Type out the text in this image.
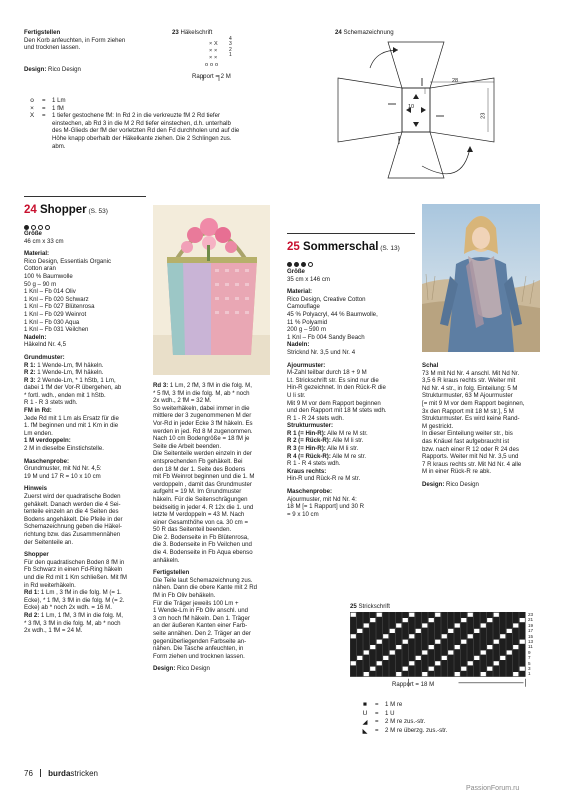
Fertigstellen
Den Korb anfeuchten, in Form ziehen
und trocknen lassen.
Design: Rico Design
o	=	1 Lm
×	=	1 fM
X	=	1 tiefer gestochene fM: In Rd 2 in die verkreuzte fM 2 Rd tiefer
einstechen, ab Rd 3 in die M 2 Rd tiefer einstechen, d.h. unterhalb
des M-Glieds der fM der vorletzten Rd den Fd durchholen und auf die
Höhe knapp oberhalb der Häkelkante ziehen. Die 2 Schlingen zus.
abm.
23 Häkelschrift
× X
× ×
× ×
o o o
4
3
2
1
Rapport = 2 M
24 Schemazeichnung
28
10
23
24 Shopper (S. 53)
Größe
46 cm x 33 cm
Material:
Rico Design, Essentials Organic
Cotton aran
100 % Baumwolle
50 g – 90 m
1 Knl – Fb 014 Oliv
1 Knl – Fb 020 Schwarz
1 Knl – Fb 027 Blütenrosa
1 Knl – Fb 029 Weinrot
1 Knl – Fb 030 Aqua
1 Knl – Fb 031 Veilchen
Nadeln:
Häkelnd Nr. 4,5
Grundmuster:
R 1: 1 Wende-Lm, fM häkeln.
R 2: 1 Wende-Lm, fM häkeln.
R 3: 2 Wende-Lm, * 1 hStb, 1 Lm,
dabei 1 fM der Vor-R übergehen, ab
* fortl. wdh., enden mit 1 hStb.
R 1 - R 3 stets wdh.
FM in Rd:
Jede Rd mit 1 Lm als Ersatz für die
1. fM beginnen und mit 1 Km in die
Lm enden.
1 M verdoppeln:
2 M in dieselbe Einstichstelle.
Maschenprobe:
Grundmuster, mit Nd Nr. 4,5:
19 M und 17 R = 10 x 10 cm
Hinweis
Zuerst wird der quadratische Boden
gehäkelt. Danach werden die 4 Sei-
tenteile einzeln an die 4 Seiten des
Bodens angehäkelt. Die Pfeile in der
Schemazeichnung geben die Häkel-
richtung bzw. das Zusammennähen
der Seitenteile an.
Shopper
Für den quadratischen Boden 8 fM in
Fb Schwarz in einen Fd-Ring häkeln
und die Rd mit 1 Km schließen. Mit fM
in Rd weiterhäkeln.
Rd 1: 1 Lm , 3 fM in die folg. M (= 1.
Ecke), * 1 fM, 3 fM in die folg. M (= 2.
Ecke) ab * noch 2x wdh. = 16 M.
Rd 2: 1 Lm, 1 fM, 3 fM in die folg. M,
* 3 fM, 3 fM in die folg. M, ab * noch
2x wdh., 1 fM = 24 M.
Rd 3: 1 Lm, 2 fM, 3 fM in die folg. M,
* 5 fM, 3 fM in die folg. M, ab * noch
2x wdh., 2 fM = 32 M.
So weiterhäkeln, dabei immer in die
mittlere der 3 zugenommenen M der
Vor-Rd in jeder Ecke 3 fM häkeln. Es
werden in jed. Rd 8 M zugenommen.
Nach 10 cm Bodengröße = 18 fM je
Seite die Arbeit beenden.
Die Seitenteile werden einzeln in der
entsprechenden Fb gehäkelt. Bei
den 18 M der 1. Seite des Bodens
mit Fb Weinrot beginnen und die 1. M
verdoppeln , damit das Grundmuster
aufgeht = 19 M. Im Grundmuster
häkeln. Für die Seitenschrägungen
beidseitig in jeder 4. R 12x die 1. und
letzte M verdoppeln = 43 M. Nach
einer Gesamthöhe von ca. 30 cm =
50 R das Seitenteil beenden.
Die 2. Bodenseite in Fb Blütenrosa,
die 3. Bodenseite in Fb Veilchen und
die 4. Bodenseite in Fb Aqua ebenso
anhäkeln.
Fertigstellen
Die Teile laut Schemazeichnung zus.
nähen. Dann die obere Kante mit 2 Rd
fM in Fb Oliv behäkeln.
Für die Träger jeweils 100 Lm +
1 Wende-Lm in Fb Oliv anschl. und
3 cm hoch fM häkeln. Den 1. Träger
an der äußeren Kanten einer Farb-
seite annähen. Den 2. Träger an der
gegenüberliegenden Farbseite an-
nähen. Die Tasche anfeuchten, in
Form ziehen und trocknen lassen.
Design: Rico Design
25 Sommerschal (S. 13)
Größe
35 cm x 146 cm
Material:
Rico Design, Creative Cotton
Camouflage
45 % Polyacryl, 44 % Baumwolle,
11 % Polyamid
200 g – 590 m
1 Knl – Fb 004 Sandy Beach
Nadeln:
Stricknd Nr. 3,5 und Nr. 4
Ajourmuster:
M-Zahl teilbar durch 18 + 9 M
Lt. Strickschrift str. Es sind nur die
Hin-R gezeichnet. In den Rück-R die
U li str.
Mit 9 M vor dem Rapport beginnen
und den Rapport mit 18 M stets wdh.
R 1 - R 24 stets wdh.
Strukturmuster:
R 1 (= Hin-R): Alle M re M str.
R 2 (= Rück-R): Alle M li str.
R 3 (= Hin-R): Alle M li str.
R 4 (= Rück-R): Alle M re str.
R 1 - R 4 stets wdh.
Kraus rechts:
Hin-R und Rück-R re M str.
Maschenprobe:
Ajourmuster, mit Nd Nr. 4:
18 M [= 1 Rapport] und 30 R
= 9 x 10 cm
Schal
73 M mit Nd Nr. 4 anschl. Mit Nd Nr.
3,5 6 R kraus rechts str. Weiter mit
Nd Nr. 4 str., in folg. Einteilung: 5 M
Strukturmuster, 63 M Ajourmuster
[= mit 9 M vor dem Rapport beginnen,
3x den Rapport mit 18 M str.], 5 M
Strukturmuster. Es wird keine Rand-
M gestrickt.
In dieser Einteilung weiter str., bis
das Knäuel fast aufgebraucht ist
bzw. nach einer R 12 oder R 24 des
Rapports. Weiter mit Nd Nr. 3,5 und
7 R kraus rechts str. Mit Nd Nr. 4 alle
M in einer Rück-R re abk.
Design: Rico Design
25 Strickschrift
23
21
19
17
15
13
11
9
7
5
3
1
Rapport = 18 M
■	=	1 M re
U	=	1 U
◢	=	2 M re zus.-str.
◣	=	2 M re überzg. zus.-str.
76 burdastricken
PassionForum.ru
